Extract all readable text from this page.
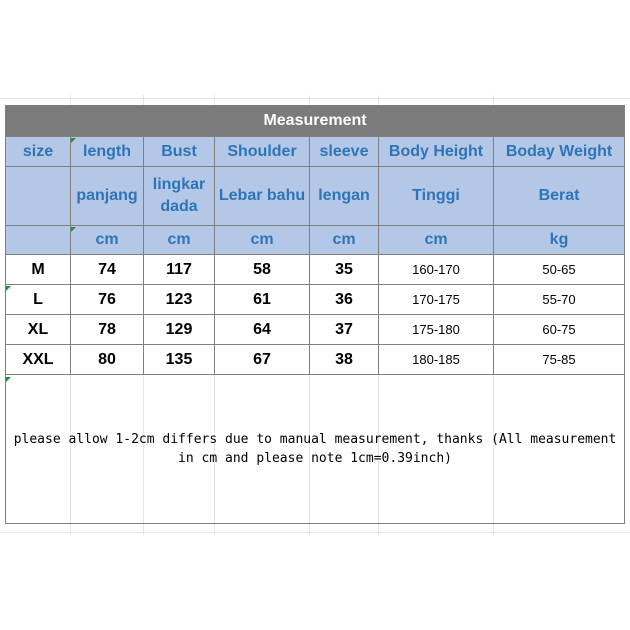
Measurement						
size	length	Bust	Shoulder	sleeve	Body Height	Boday Weight
	panjang	lingkar dada	Lebar bahu	lengan	Tinggi	Berat
	cm	cm	cm	cm	cm	kg
M	74	117	58	35	160-170	50-65
L	76	123	61	36	170-175	55-70
XL	78	129	64	37	175-180	60-75
XXL	80	135	67	38	180-185	75-85
please allow 1-2cm differs due to manual measurement, thanks (All measurement in cm and please note 1cm=0.39inch)						
